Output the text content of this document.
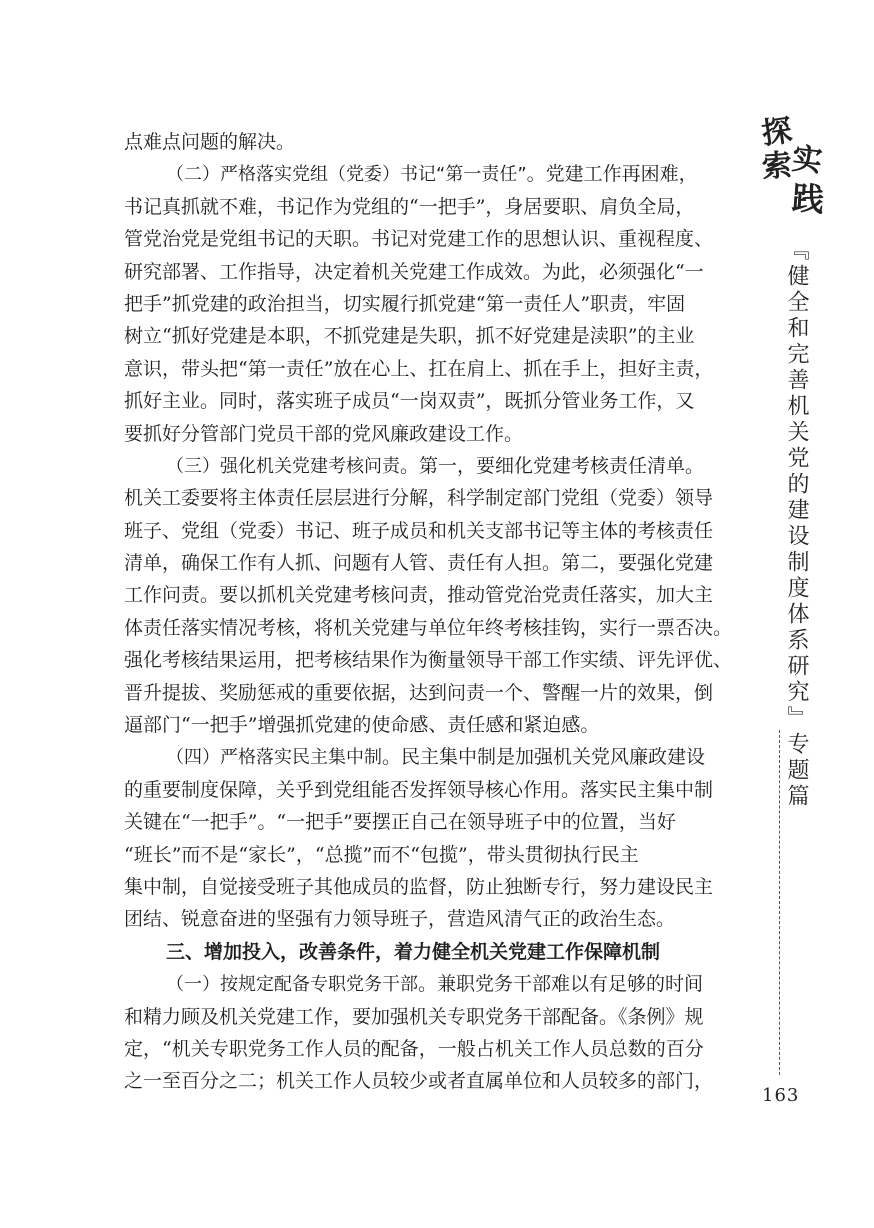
探
索
实
践
『健全和完善机关党的建设制度体系研究』专题篇
163
点难点问题的解决。
（二）严格落实党组（党委）书记“第一责任”。党建工作再困难，
书记真抓就不难，书记作为党组的“一把手”，身居要职、肩负全局，
管党治党是党组书记的天职。书记对党建工作的思想认识、重视程度、
研究部署、工作指导，决定着机关党建工作成效。为此，必须强化“一
把手”抓党建的政治担当，切实履行抓党建“第一责任人”职责，牢固
树立“抓好党建是本职，不抓党建是失职，抓不好党建是渎职”的主业
意识，带头把“第一责任”放在心上、扛在肩上、抓在手上，担好主责，
抓好主业。同时，落实班子成员“一岗双责”，既抓分管业务工作，又
要抓好分管部门党员干部的党风廉政建设工作。
（三）强化机关党建考核问责。第一，要细化党建考核责任清单。
机关工委要将主体责任层层进行分解，科学制定部门党组（党委）领导
班子、党组（党委）书记、班子成员和机关支部书记等主体的考核责任
清单，确保工作有人抓、问题有人管、责任有人担。第二，要强化党建
工作问责。要以抓机关党建考核问责，推动管党治党责任落实，加大主
体责任落实情况考核，将机关党建与单位年终考核挂钩，实行一票否决。
强化考核结果运用，把考核结果作为衡量领导干部工作实绩、评先评优、
晋升提拔、奖励惩戒的重要依据，达到问责一个、警醒一片的效果，倒
逼部门“一把手”增强抓党建的使命感、责任感和紧迫感。
（四）严格落实民主集中制。民主集中制是加强机关党风廉政建设
的重要制度保障，关乎到党组能否发挥领导核心作用。落实民主集中制
关键在“一把手”。“一把手”要摆正自己在领导班子中的位置，当好
“班长”而不是“家长”，“总揽”而不“包揽”，带头贯彻执行民主
集中制，自觉接受班子其他成员的监督，防止独断专行，努力建设民主
团结、锐意奋进的坚强有力领导班子，营造风清气正的政治生态。
三、增加投入，改善条件，着力健全机关党建工作保障机制
（一）按规定配备专职党务干部。兼职党务干部难以有足够的时间
和精力顾及机关党建工作，要加强机关专职党务干部配备。《条例》规
定，“机关专职党务工作人员的配备，一般占机关工作人员总数的百分
之一至百分之二；机关工作人员较少或者直属单位和人员较多的部门，
